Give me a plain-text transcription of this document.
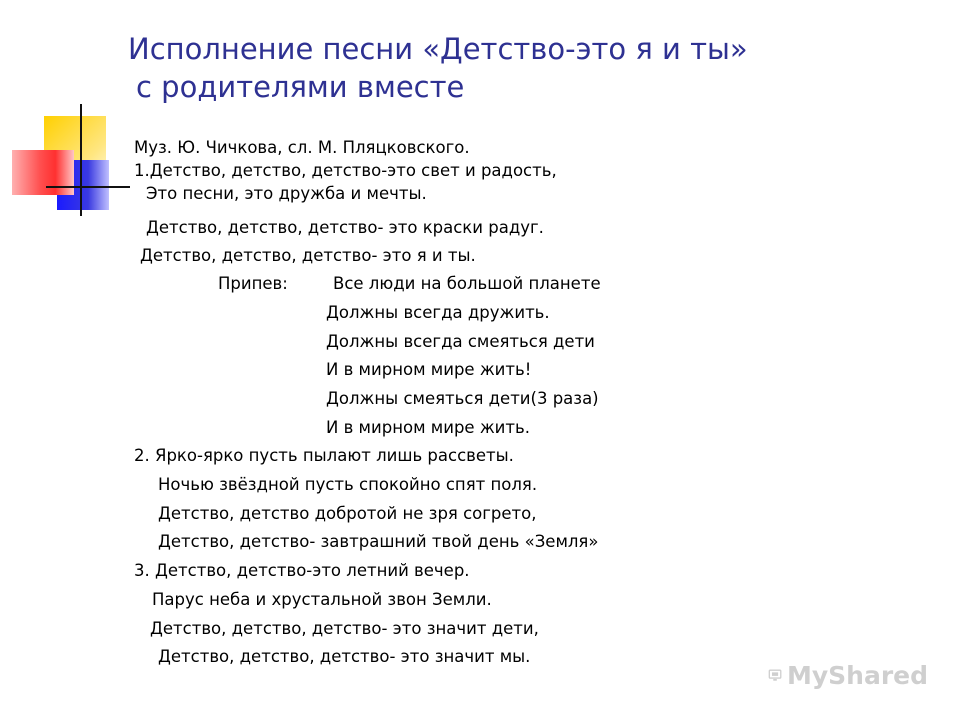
Исполнение песни «Детство-это я и ты»
с родителями вместе
Муз. Ю. Чичкова, сл. М. Пляцковского.
1.Детство, детство, детство-это свет и радость,
Это песни, это дружба и мечты.
Детство, детство, детство- это краски радуг.
Детство, детство, детство- это я и ты.
Припев:	Все люди на большой планете
Должны всегда дружить.
Должны всегда смеяться дети
И в мирном мире жить!
Должны смеяться дети(3 раза)
И в мирном мире жить.
2. Ярко-ярко пусть пылают лишь рассветы.
Ночью звёздной пусть спокойно спят поля.
Детство, детство добротой не зря согрето,
Детство, детство- завтрашний твой день «Земля»
3. Детство, детство-это летний вечер.
Парус неба и хрустальной звон Земли.
Детство, детство, детство- это значит дети,
Детство, детство, детство- это значит мы.
MyShared
